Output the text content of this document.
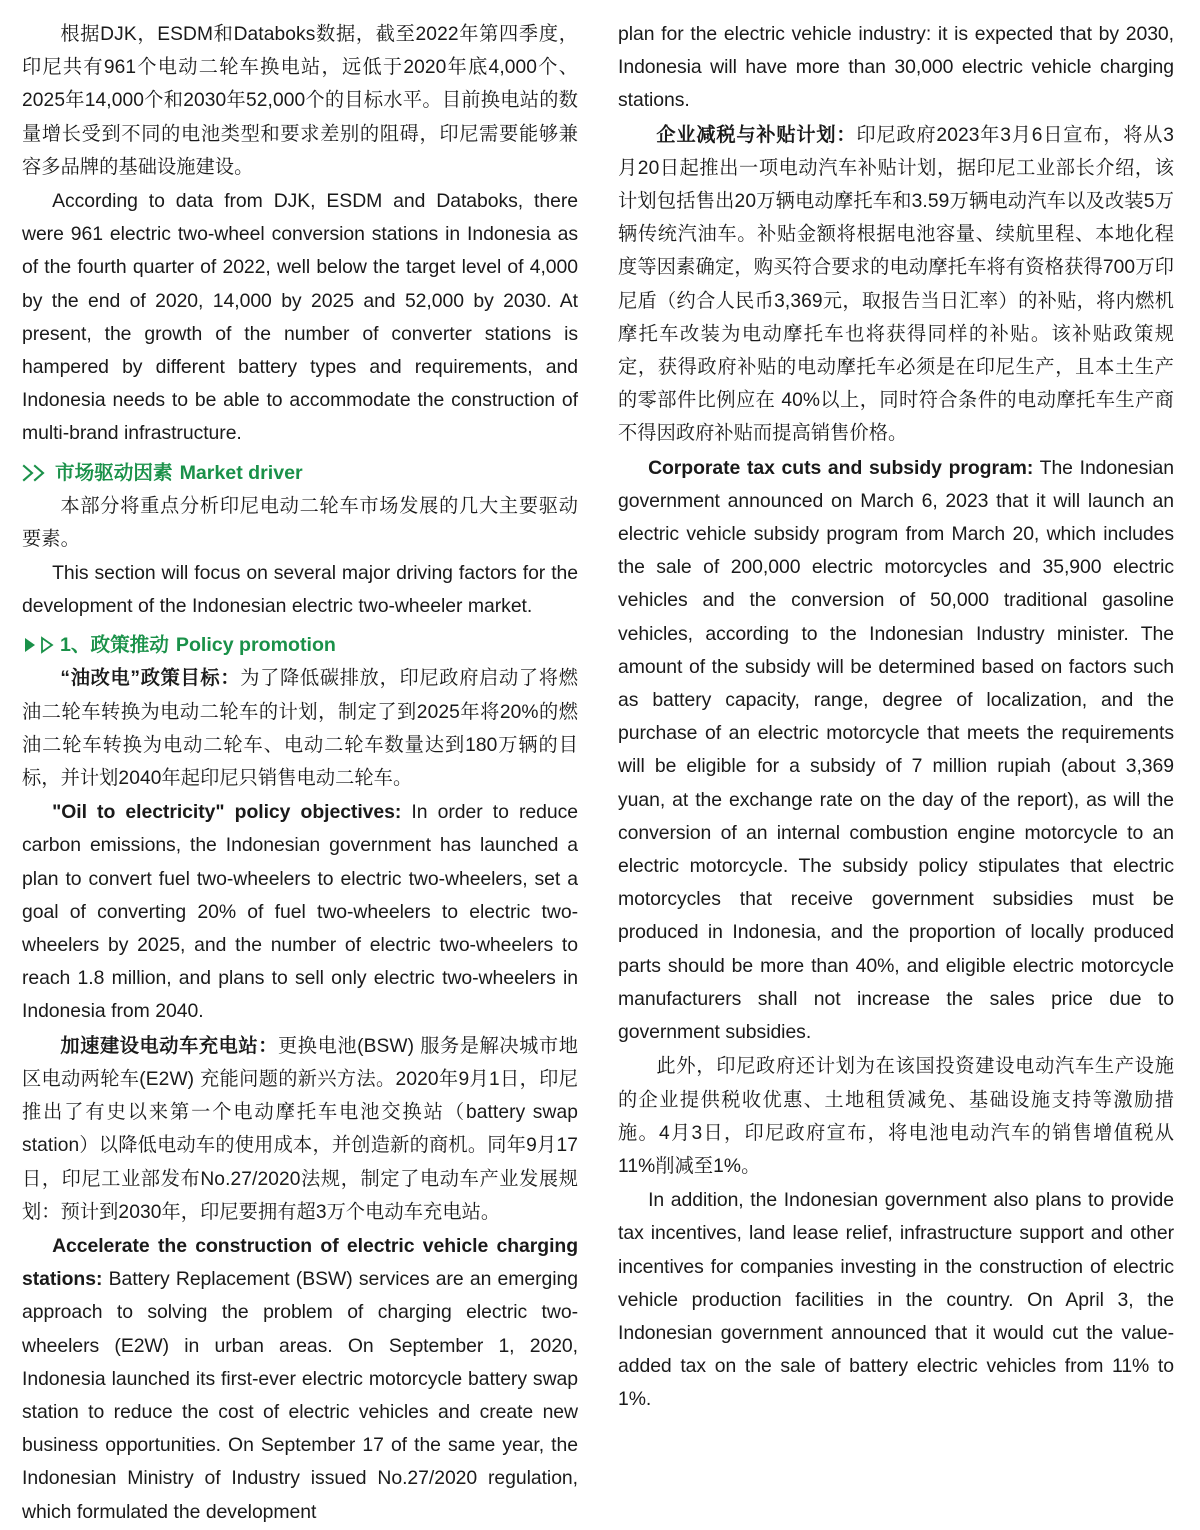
根据DJK，ESDM和Databoks数据，截至2022年第四季度，印尼共有961个电动二轮车换电站，远低于2020年底4,000个、2025年14,000个和2030年52,000个的目标水平。目前换电站的数量增长受到不同的电池类型和要求差别的阻碍，印尼需要能够兼容多品牌的基础设施建设。

According to data from DJK, ESDM and Databoks, there were 961 electric two-wheel conversion stations in Indonesia as of the fourth quarter of 2022, well below the target level of 4,000 by the end of 2020, 14,000 by 2025 and 52,000 by 2030. At present, the growth of the number of converter stations is hampered by different battery types and requirements, and Indonesia needs to be able to accommodate the construction of multi-brand infrastructure.

市场驱动因素 Market driver

本部分将重点分析印尼电动二轮车市场发展的几大主要驱动要素。

This section will focus on several major driving factors for the development of the Indonesian electric two-wheeler market.

1、政策推动 Policy promotion

“油改电”政策目标：为了降低碳排放，印尼政府启动了将燃油二轮车转换为电动二轮车的计划，制定了到2025年将20%的燃油二轮车转换为电动二轮车、电动二轮车数量达到180万辆的目标，并计划2040年起印尼只销售电动二轮车。

"Oil to electricity" policy objectives: In order to reduce carbon emissions, the Indonesian government has launched a plan to convert fuel two-wheelers to electric two-wheelers, set a goal of converting 20% of fuel two-wheelers to electric two-wheelers by 2025, and the number of electric two-wheelers to reach 1.8 million, and plans to sell only electric two-wheelers in Indonesia from 2040.

加速建设电动车充电站：更换电池(BSW) 服务是解决城市地区电动两轮车(E2W) 充能问题的新兴方法。2020年9月1日，印尼推出了有史以来第一个电动摩托车电池交换站（battery swap　station）以降低电动车的使用成本，并创造新的商机。同年9月17日，印尼工业部发布No.27/2020法规，制定了电动车产业发展规划：预计到2030年，印尼要拥有超3万个电动车充电站。

Accelerate the construction of electric vehicle charging stations: Battery Replacement (BSW) services are an emerging approach to solving the problem of charging electric two-wheelers (E2W) in urban areas. On September 1, 2020, Indonesia launched its first-ever electric motorcycle battery swap station to reduce the cost of electric vehicles and create new business opportunities. On September 17 of the same year, the Indonesian Ministry of Industry issued No.27/2020 regulation, which formulated the development

plan for the electric vehicle industry: it is expected that by 2030, Indonesia will have more than 30,000 electric vehicle charging stations.

企业减税与补贴计划：印尼政府2023年3月6日宣布，将从3月20日起推出一项电动汽车补贴计划，据印尼工业部长介绍，该计划包括售出20万辆电动摩托车和3.59万辆电动汽车以及改装5万辆传统汽油车。补贴金额将根据电池容量、续航里程、本地化程度等因素确定，购买符合要求的电动摩托车将有资格获得700万印尼盾（约合人民币3,369元，取报告当日汇率）的补贴，将内燃机摩托车改装为电动摩托车也将获得同样的补贴。该补贴政策规定，获得政府补贴的电动摩托车必须是在印尼生产，且本土生产的零部件比例应在 40%以上，同时符合条件的电动摩托车生产商不得因政府补贴而提高销售价格。

Corporate tax cuts and subsidy program: The Indonesian government announced on March 6, 2023 that it will launch an electric vehicle subsidy program from March 20, which includes the sale of 200,000 electric motorcycles and 35,900 electric vehicles and the conversion of 50,000 traditional gasoline vehicles, according to the Indonesian Industry minister. The amount of the subsidy will be determined based on factors such as battery capacity, range, degree of localization, and the purchase of an electric motorcycle that meets the requirements will be eligible for a subsidy of 7 million rupiah (about 3,369 yuan, at the exchange rate on the day of the report), as will the conversion of an internal combustion engine motorcycle to an electric motorcycle. The subsidy policy stipulates that electric motorcycles that receive government subsidies must be produced in Indonesia, and the proportion of locally produced parts should be more than 40%, and eligible electric motorcycle manufacturers shall not increase the sales price due to government subsidies.

此外，印尼政府还计划为在该国投资建设电动汽车生产设施的企业提供税收优惠、土地租赁减免、基础设施支持等激励措施。4月3日，印尼政府宣布，将电池电动汽车的销售增值税从11%削减至1%。

In addition, the Indonesian government also plans to provide tax incentives, land lease relief, infrastructure support and other incentives for companies investing in the construction of electric vehicle production facilities in the country. On April 3, the Indonesian government announced that it would cut the value-added tax on the sale of battery electric vehicles from 11% to 1%.
